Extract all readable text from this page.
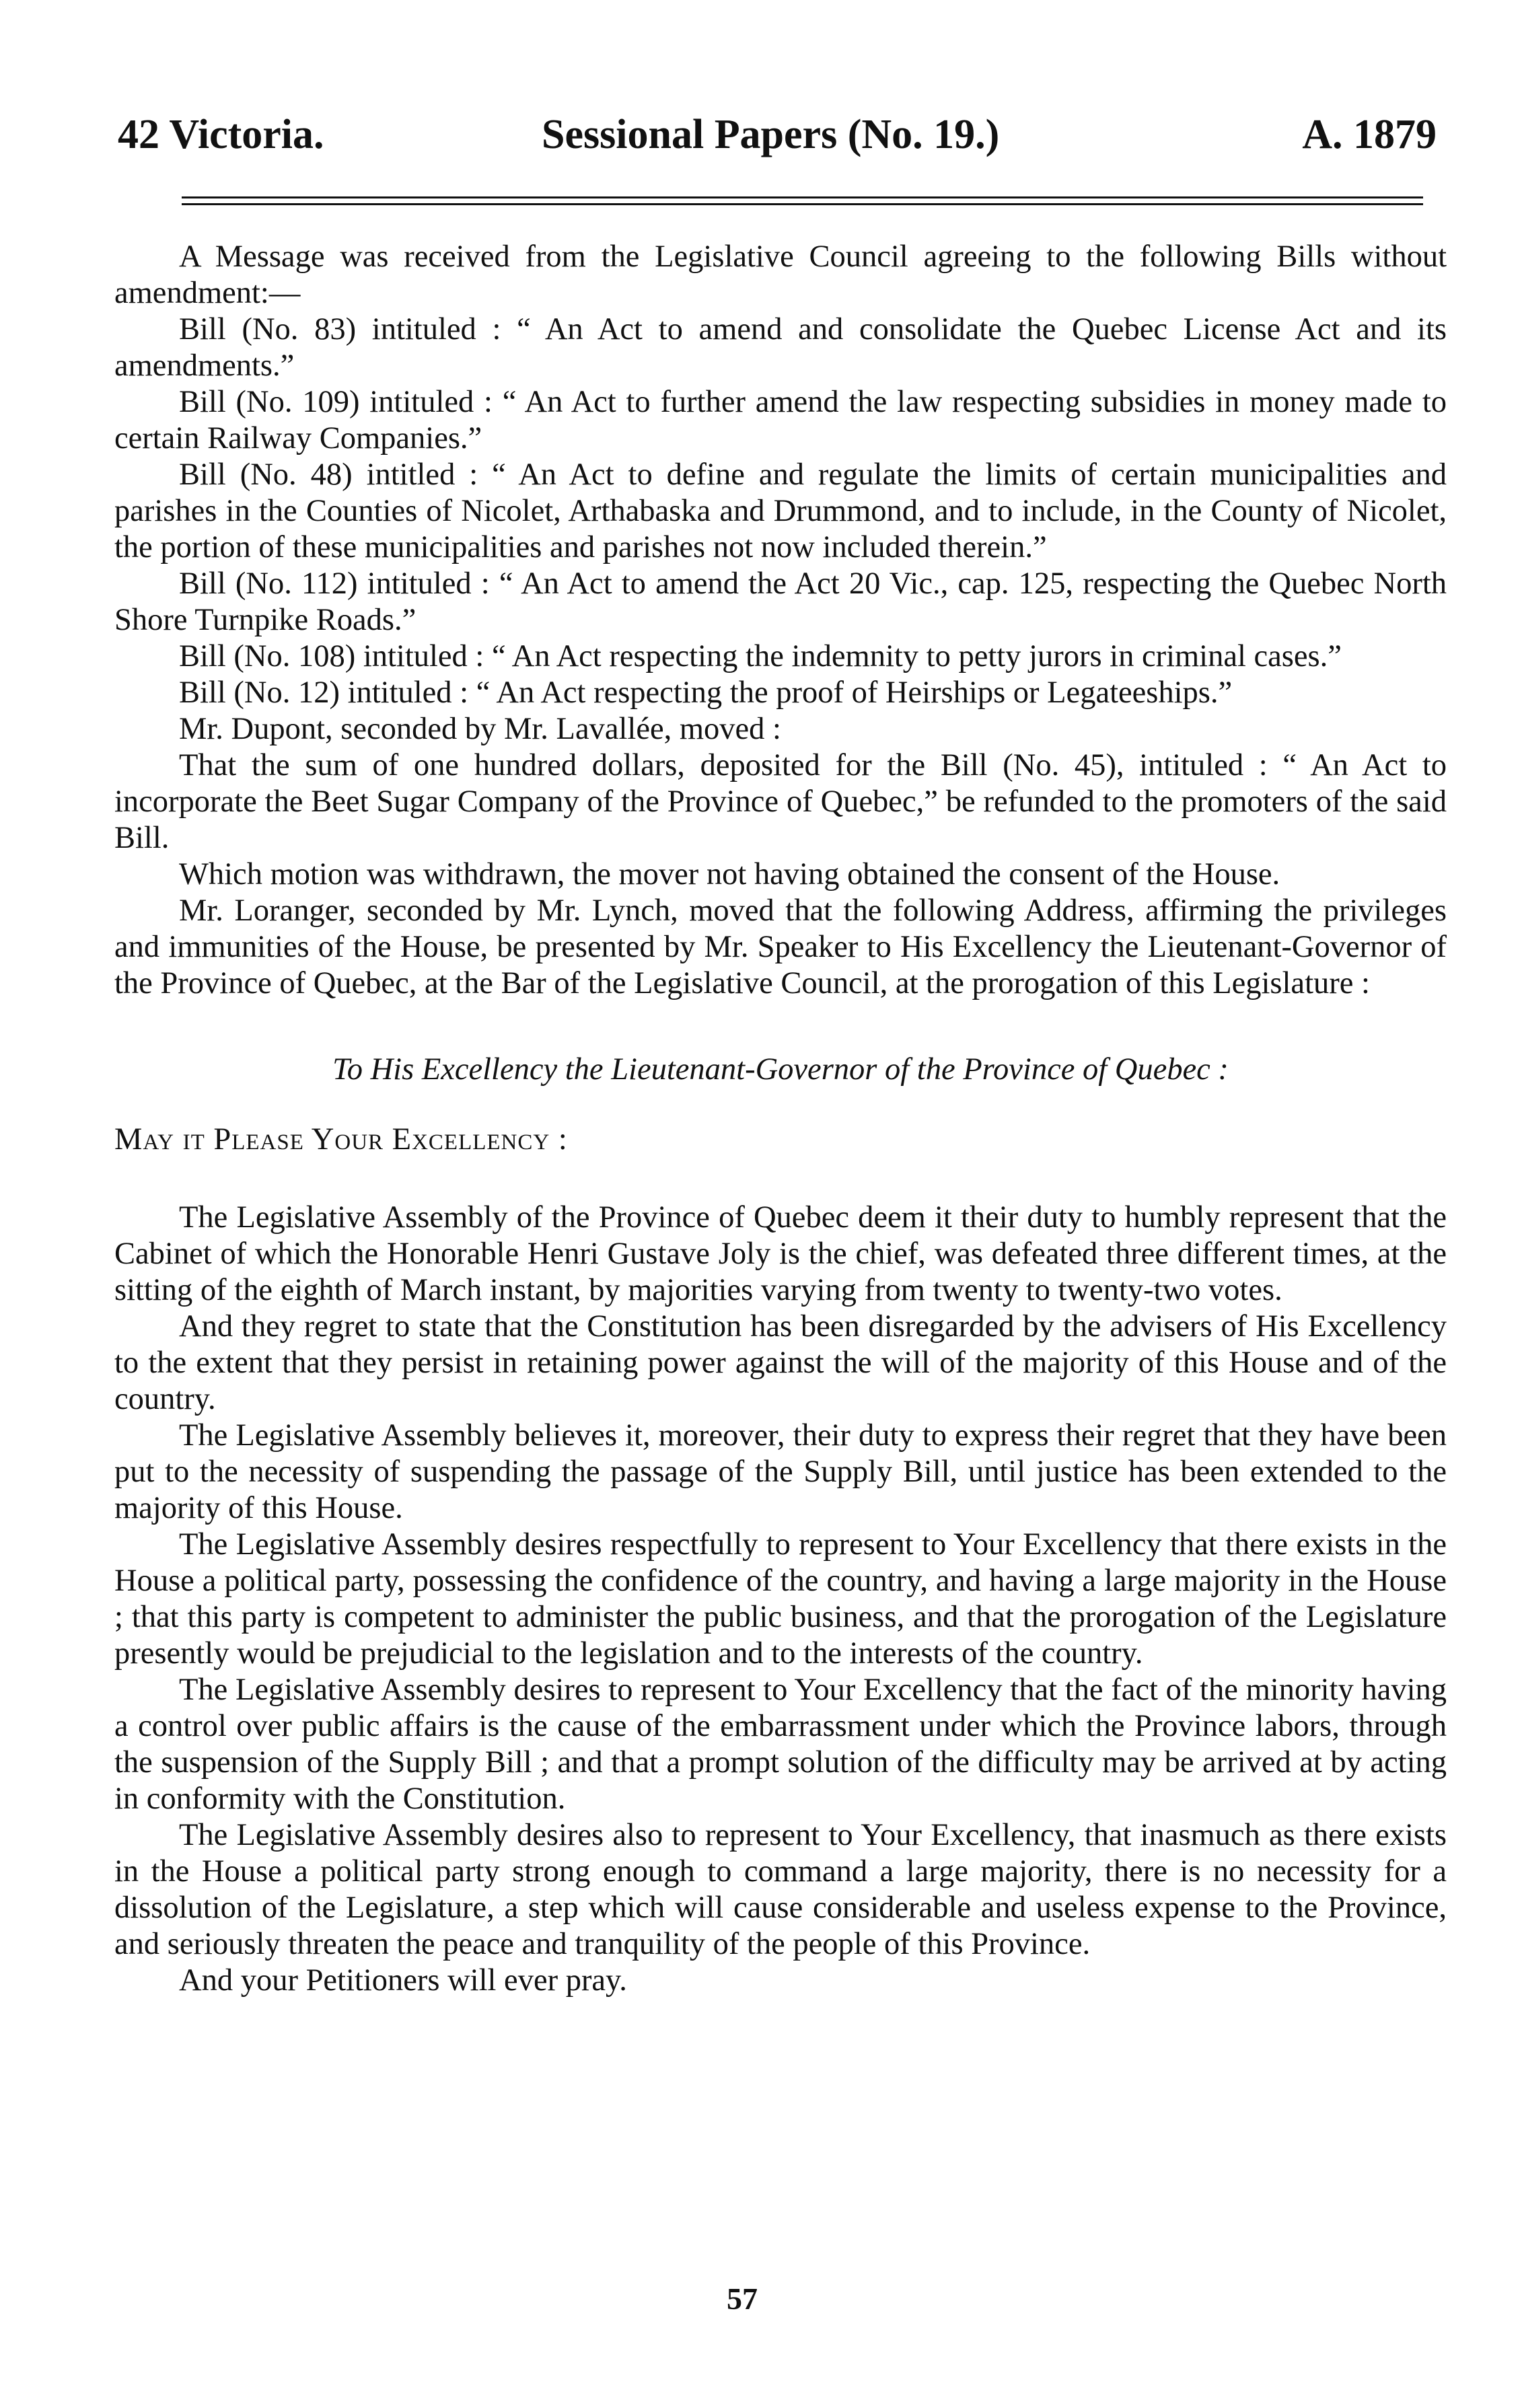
42 Victoria.	Sessional Papers (No. 19.)	A. 1879

A Message was received from the Legislative Council agreeing to the following Bills without amendment:—

Bill (No. 83) intituled : “ An Act to amend and consolidate the Quebec License Act and its amendments.”

Bill (No. 109) intituled : “ An Act to further amend the law respecting subsidies in money made to certain Railway Companies.”

Bill (No. 48) intitled : “ An Act to define and regulate the limits of certain municipalities and parishes in the Counties of Nicolet, Arthabaska and Drummond, and to include, in the County of Nicolet, the portion of these municipalities and parishes not now included therein.”

Bill (No. 112) intituled : “ An Act to amend the Act 20 Vic., cap. 125, respecting the Quebec North Shore Turnpike Roads.”

Bill (No. 108) intituled : “ An Act respecting the indemnity to petty jurors in criminal cases.”

Bill (No. 12) intituled : “ An Act respecting the proof of Heirships or Legateeships.”

Mr. Dupont, seconded by Mr. Lavallée, moved :

That the sum of one hundred dollars, deposited for the Bill (No. 45), intituled : “ An Act to incorporate the Beet Sugar Company of the Province of Quebec,” be refunded to the promoters of the said Bill.

Which motion was withdrawn, the mover not having obtained the consent of the House.

Mr. Loranger, seconded by Mr. Lynch, moved that the following Address, affirming the privileges and immunities of the House, be presented by Mr. Speaker to His Excellency the Lieutenant-Governor of the Province of Quebec, at the Bar of the Legislative Council, at the prorogation of this Legislature :

To His Excellency the Lieutenant-Governor of the Province of Quebec :

May it Please Your Excellency :

The Legislative Assembly of the Province of Quebec deem it their duty to humbly represent that the Cabinet of which the Honorable Henri Gustave Joly is the chief, was defeated three different times, at the sitting of the eighth of March instant, by majorities varying from twenty to twenty-two votes.

And they regret to state that the Constitution has been disregarded by the advisers of His Excellency to the extent that they persist in retaining power against the will of the majority of this House and of the country.

The Legislative Assembly believes it, moreover, their duty to express their regret that they have been put to the necessity of suspending the passage of the Supply Bill, until justice has been extended to the majority of this House.

The Legislative Assembly desires respectfully to represent to Your Excellency that there exists in the House a political party, possessing the confidence of the country, and having a large majority in the House ; that this party is competent to administer the public business, and that the prorogation of the Legislature presently would be prejudicial to the legislation and to the interests of the country.

The Legislative Assembly desires to represent to Your Excellency that the fact of the minority having a control over public affairs is the cause of the embarrassment under which the Province labors, through the suspension of the Supply Bill ; and that a prompt solution of the difficulty may be arrived at by acting in conformity with the Constitution.

The Legislative Assembly desires also to represent to Your Excellency, that inasmuch as there exists in the House a political party strong enough to command a large majority, there is no necessity for a dissolution of the Legislature, a step which will cause considerable and useless expense to the Province, and seriously threaten the peace and tranquility of the people of this Province.

And your Petitioners will ever pray.

57
